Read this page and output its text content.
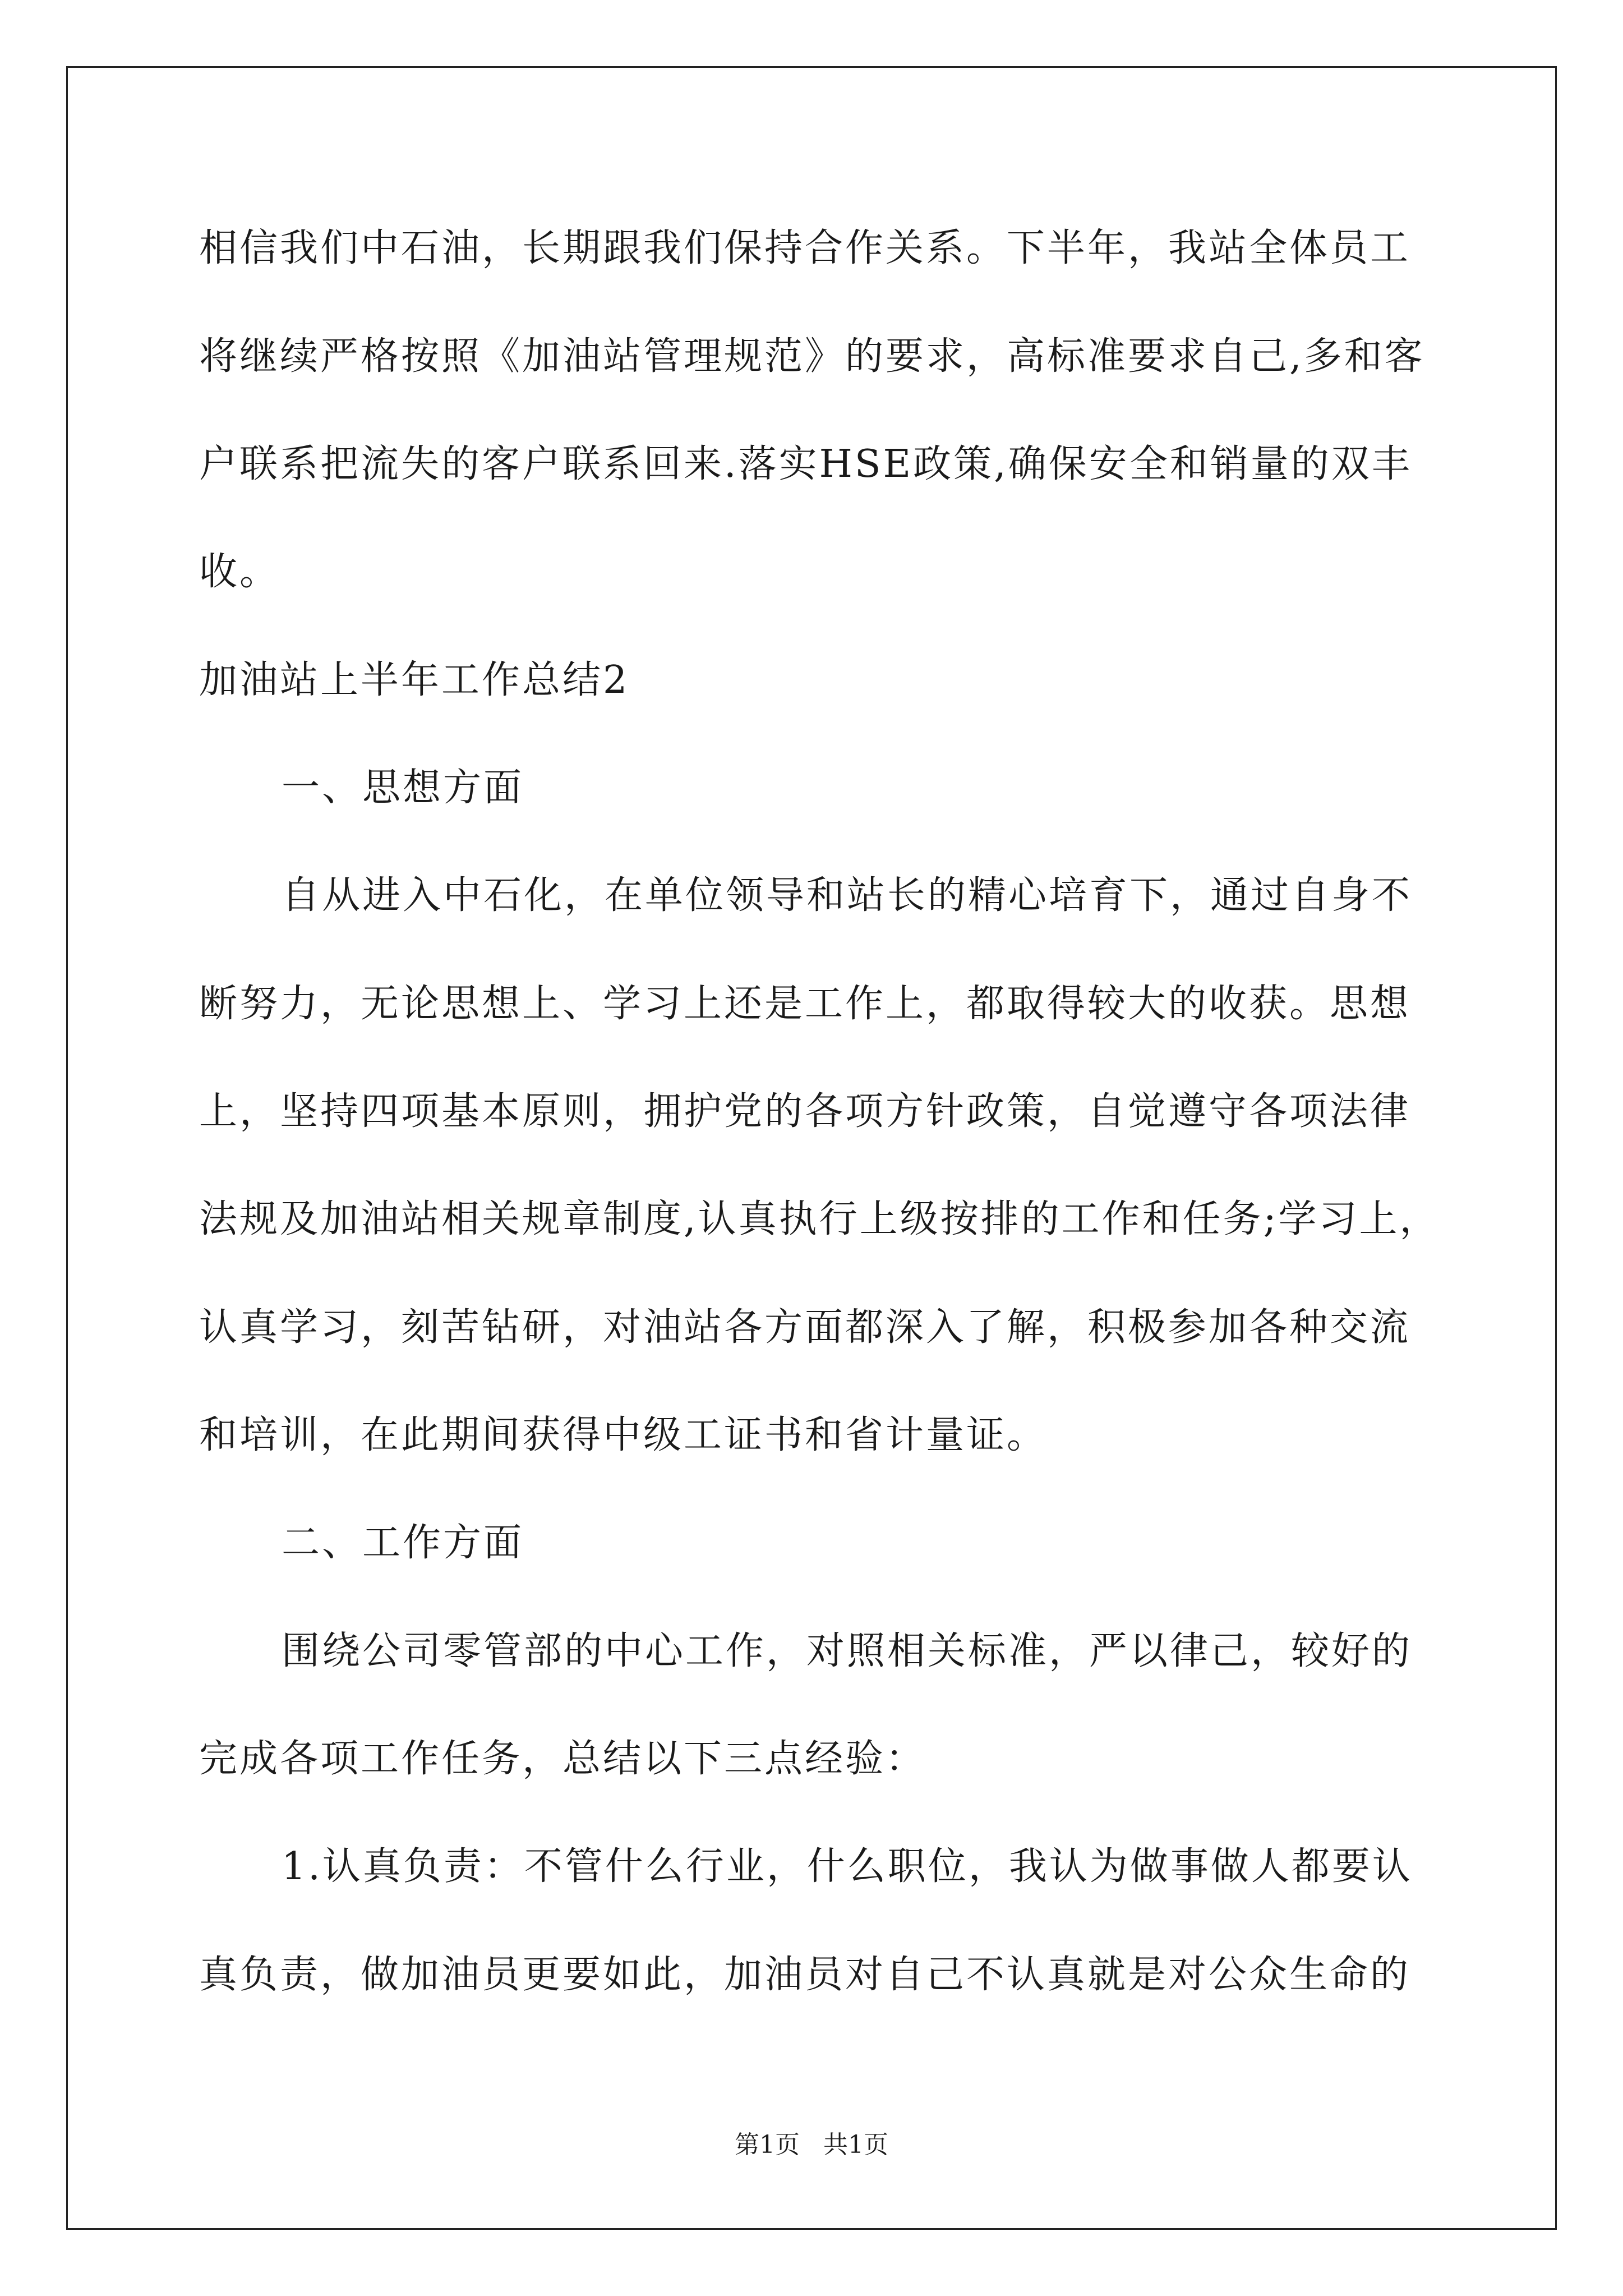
相信我们中石油，长期跟我们保持合作关系。下半年，我站全体员工
将继续严格按照《加油站管理规范》的要求，高标准要求自己,多和客
户联系把流失的客户联系回来.落实HSE政策,确保安全和销量的双丰
收。
加油站上半年工作总结2
一、思想方面
自从进入中石化，在单位领导和站长的精心培育下，通过自身不
断努力，无论思想上、学习上还是工作上，都取得较大的收获。思想
上，坚持四项基本原则，拥护党的各项方针政策，自觉遵守各项法律
法规及加油站相关规章制度,认真执行上级按排的工作和任务;学习上，
认真学习，刻苦钻研，对油站各方面都深入了解，积极参加各种交流
和培训，在此期间获得中级工证书和省计量证。
二、工作方面
围绕公司零管部的中心工作，对照相关标准，严以律己，较好的
完成各项工作任务，总结以下三点经验：
1.认真负责：不管什么行业，什么职位，我认为做事做人都要认
真负责，做加油员更要如此，加油员对自己不认真就是对公众生命的
第1页   共1页
